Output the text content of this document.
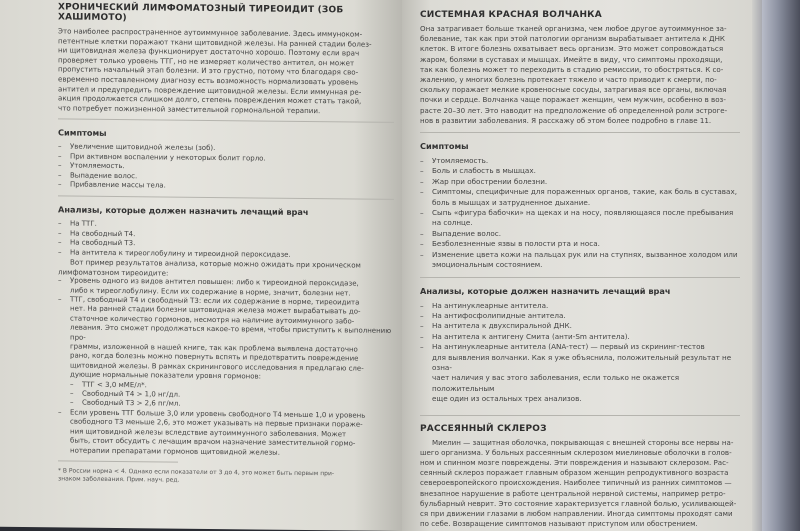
ХРОНИЧЕСКИЙ ЛИМФОМАТОЗНЫЙ ТИРЕОИДИТ (ЗОБ ХАШИМОТО)

Это наиболее распространенное аутоиммунное заболевание. Здесь иммуноком-

петентные клетки поражают ткани щитовидной железы. На ранней стадии болез-

ни щитовидная железа функционирует достаточно хорошо. Поэтому если врач

проверяет только уровень ТТГ, но не измеряет количество антител, он может

пропустить начальный этап болезни. И это грустно, потому что благодаря сво-

евременно поставленному диагнозу есть возможность нормализовать уровень

антител и предупредить повреждение щитовидной железы. Если иммунная ре-

акция продолжается слишком долго, степень повреждения может стать такой,

что потребует пожизненной заместительной гормональной терапии.

Симптомы
– Увеличение щитовидной железы (зоб).
– При активном воспалении у некоторых болит горло.
– Утомляемость.
– Выпадение волос.
– Прибавление массы тела.
Анализы, которые должен назначить лечащий врач
– На ТТГ.
– На свободный Т4.
– На свободный Т3.
– На антитела к тиреоглобулину и тиреоидной пероксидазе.

Вот пример результатов анализа, которые можно ожидать при хроническом

лимфоматозном тиреоидите:

– Уровень одного из видов антител повышен: либо к тиреоидной пероксидазе,
либо к тиреоглобулину. Если их содержание в норме, значит, болезни нет.
– ТТГ, свободный Т4 и свободный Т3: если их содержание в норме, тиреоидита
нет. На ранней стадии болезни щитовидная железа может вырабатывать до-
статочное количество гормонов, несмотря на наличие аутоиммунного забо-
левания. Это сможет продолжаться какое-то время, чтобы приступить к выполнению про-
граммы, изложенной в нашей книге, так как проблема выявлена достаточно
рано, когда болезнь можно повернуть вспять и предотвратить повреждение
щитовидной железы. В рамках скринингового исследования я предлагаю сле-
дующие нормальные показатели уровня гормонов:
– ТТГ < 3,0 мМЕ/л*.
– Свободный Т4 > 1,0 нг/дл.
– Свободный Т3 > 2,6 пг/мл.
– Если уровень ТТГ больше 3,0 или уровень свободного Т4 меньше 1,0 и уровень
свободного Т3 меньше 2,6, это может указывать на первые признаки пораже-
ния щитовидной железы вследствие аутоиммунного заболевания. Может
быть, стоит обсудить с лечащим врачом назначение заместительной гормо-
нотерапии препаратами гормонов щитовидной железы.
* В России норма < 4. Однако если показатели от 3 до 4, это может быть первым при-
знаком заболевания. Прим. науч. ред.
СИСТЕМНАЯ КРАСНАЯ ВОЛЧАНКА

Она затрагивает больше тканей организма, чем любое другое аутоиммунное за-

болевание, так как при этой патологии организм вырабатывает антитела к ДНК

клеток. В итоге болезнь охватывает весь организм. Это может сопровождаться

жаром, болями в суставах и мышцах. Имейте в виду, что симптомы проходящи,

так как болезнь может то переходить в стадию ремиссии, то обостряться. К со-

жалению, у многих болезнь протекает тяжело и часто приводит к смерти, по-

скольку поражает мелкие кровеносные сосуды, затрагивая все органы, включая

почки и сердце. Волчанка чаще поражает женщин, чем мужчин, особенно в воз-

расте 20–30 лет. Это наводит на предположение об определенной роли эстроге-

нов в развитии заболевания. Я расскажу об этом более подробно в главе 11.

Симптомы
– Утомляемость.
– Боль и слабость в мышцах.
– Жар при обострении болезни.
– Симптомы, специфичные для пораженных органов, такие, как боль в суставах,
боль в мышцах и затрудненное дыхание.
– Сыпь «фигура бабочки» на щеках и на носу, появляющаяся после пребывания
на солнце.
– Выпадение волос.
– Безболезненные язвы в полости рта и носа.
– Изменение цвета кожи на пальцах рук или на ступнях, вызванное холодом или
эмоциональным состоянием.
Анализы, которые должен назначить лечащий врач
– На антинуклеарные антитела.
– На антифосфолипидные антитела.
– На антитела к двухспиральной ДНК.
– На антитела к антигену Смита (анти-Sm антитела).
– На антинуклеарные антитела (ANA-тест) — первый из скрининг-тестов
для выявления волчанки. Как я уже объяснила, положительный результат не озна-
чает наличия у вас этого заболевания, если только не окажется положительным
еще один из остальных трех анализов.
РАССЕЯННЫЙ СКЛЕРОЗ

Миелин — защитная оболочка, покрывающая с внешней стороны все нервы на-

шего организма. У больных рассеянным склерозом миелиновые оболочки в голов-

ном и спинном мозге повреждены. Эти повреждения и называют склерозом. Рас-

сеянный склероз поражает главным образом женщин репродуктивного возраста

североевропейского происхождения. Наиболее типичный из ранних симптомов —

внезапное нарушение в работе центральной нервной системы, например ретро-

бульбарный неврит. Это состояние характеризуется главной болью, усиливающей-

ся при движении глазами в любом направлении. Иногда симптомы проходят сами

по себе. Возвращение симптомов называют приступом или обострением.
